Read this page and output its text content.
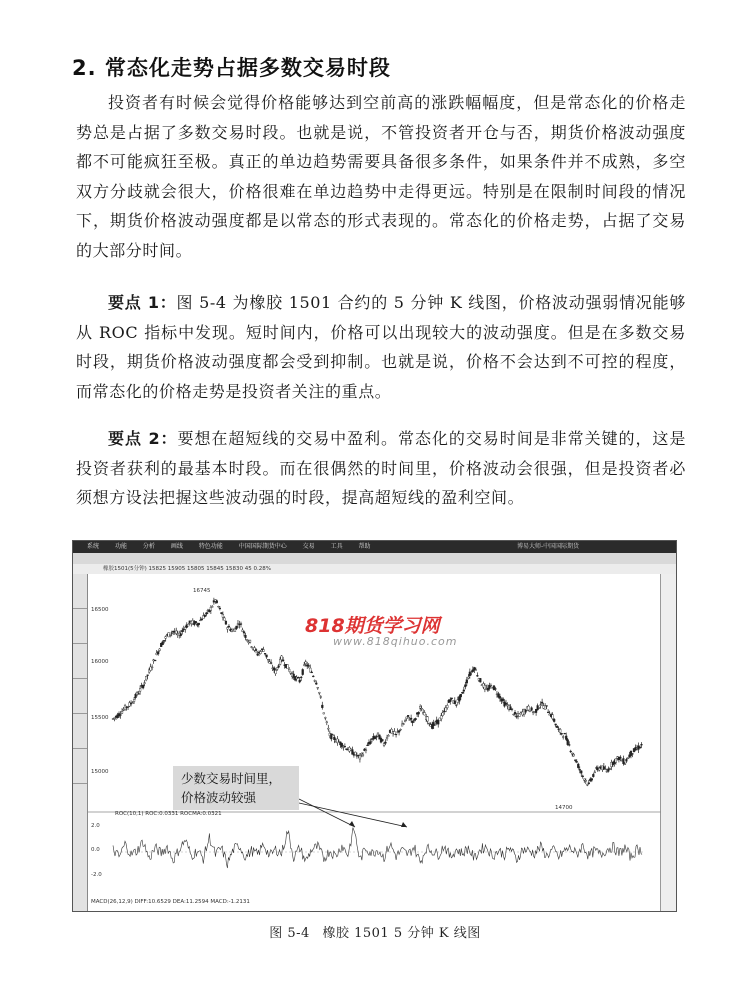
2. 常态化走势占据多数交易时段
投资者有时候会觉得价格能够达到空前高的涨跌幅幅度，但是常态化的价格走势总是占据了多数交易时段。也就是说，不管投资者开仓与否，期货价格波动强度都不可能疯狂至极。真正的单边趋势需要具备很多条件，如果条件并不成熟，多空双方分歧就会很大，价格很难在单边趋势中走得更远。特别是在限制时间段的情况下，期货价格波动强度都是以常态的形式表现的。常态化的价格走势，占据了交易的大部分时间。
要点 1：图 5-4 为橡胶 1501 合约的 5 分钟 K 线图，价格波动强弱情况能够从 ROC 指标中发现。短时间内，价格可以出现较大的波动强度。但是在多数交易时段，期货价格波动强度都会受到抑制。也就是说，价格不会达到不可控的程度，而常态化的价格走势是投资者关注的重点。
要点 2：要想在超短线的交易中盈利。常态化的交易时间是非常关键的，这是投资者获利的最基本时段。而在很偶然的时间里，价格波动会很强，但是投资者必须想方设法把握这些波动强的时段，提高超短线的盈利空间。
系统	功能	分析	画线	特色功能	中国国际期货中心	交易	工具	帮助	博易大师-中国国际期货
橡胶1501(5分钟) 15825 15905 15805 15845 15830 45 0.28%
16745
14700
ROC(10,1) ROC:0.0331 ROCMA:0.0321
2.0
0.0
-2.0
16500
16000
15500
15000
MACD(26,12,9) DIFF:10.6529 DEA:11.2594 MACD:-1.2131
818期货学习网
www.818qihuo.com
少数交易时间里，
价格波动较强
图 5-4 橡胶 1501 5 分钟 K 线图
